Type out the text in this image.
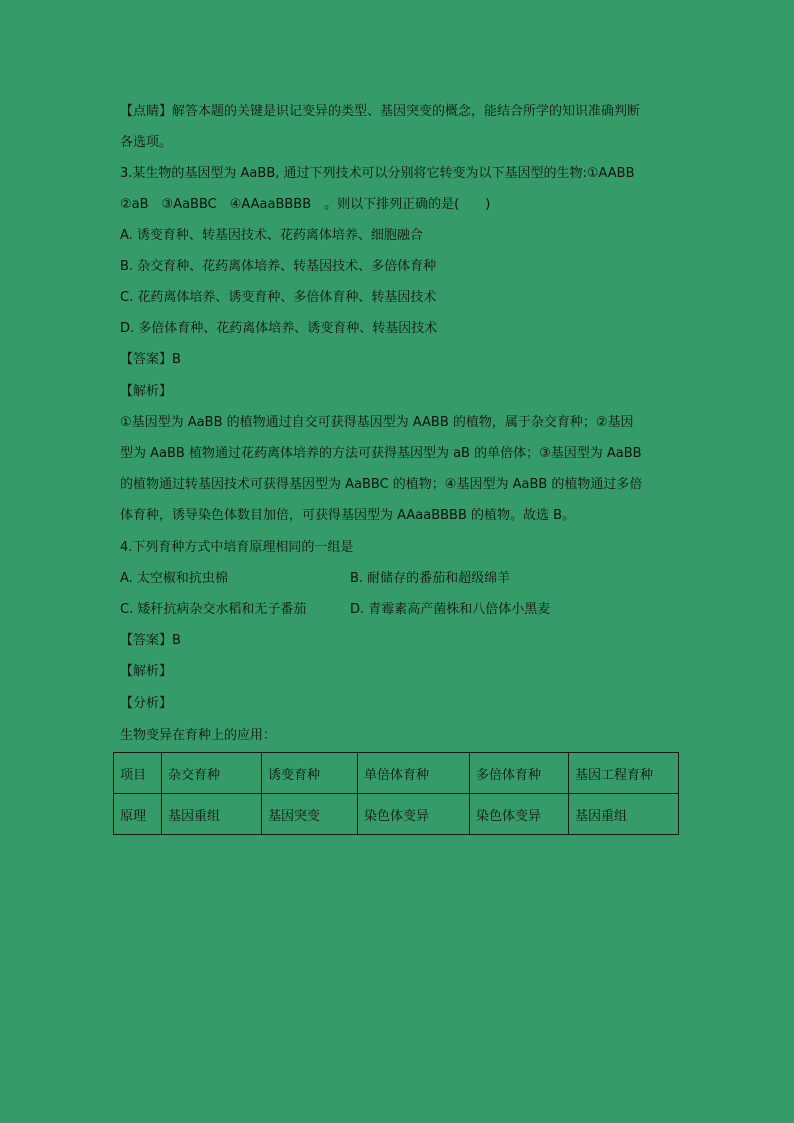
【点睛】解答本题的关键是识记变异的类型、基因突变的概念，能结合所学的知识准确判断
各选项。
3.某生物的基因型为 AaBB, 通过下列技术可以分别将它转变为以下基因型的生物:①AABB
②aB　③AaBBC　④AAaaBBBB　。则以下排列正确的是(　　)
A. 诱变育种、转基因技术、花药离体培养、细胞融合
B. 杂交育种、花药离体培养、转基因技术、多倍体育种
C. 花药离体培养、诱变育种、多倍体育种、转基因技术
D. 多倍体育种、花药离体培养、诱变育种、转基因技术
【答案】B
【解析】
①基因型为 AaBB 的植物通过自交可获得基因型为 AABB 的植物，属于杂交育种；②基因
型为 AaBB 植物通过花药离体培养的方法可获得基因型为 aB 的单倍体；③基因型为 AaBB
的植物通过转基因技术可获得基因型为 AaBBC 的植物；④基因型为 AaBB 的植物通过多倍
体育种，诱导染色体数目加倍，可获得基因型为 AAaaBBBB 的植物。故选 B。
4.下列育种方式中培育原理相同的一组是
A. 太空椒和抗虫棉	B. 耐储存的番茄和超级绵羊
C. 矮秆抗病杂交水稻和无子番茄	D. 青霉素高产菌株和八倍体小黑麦
【答案】B
【解析】
【分析】
生物变异在育种上的应用：
项目	杂交育种	诱变育种	单倍体育种	多倍体育种	基因工程育种
原理	基因重组	基因突变	染色体变异	染色体变异	基因重组
